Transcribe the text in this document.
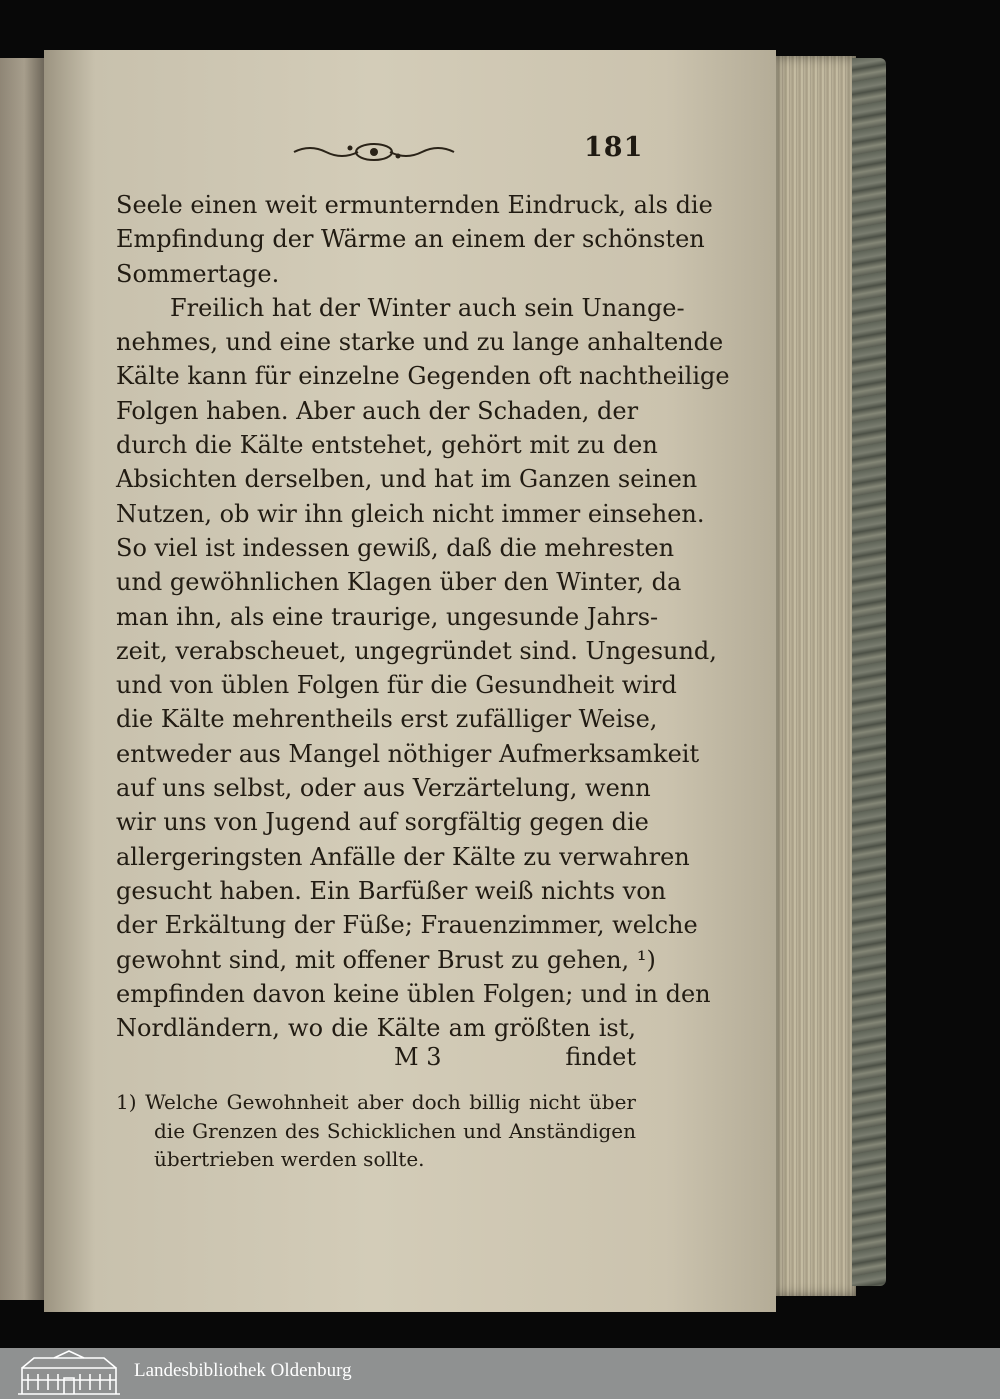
181
Seele einen weit ermunternden Eindruck, als die
Empfindung der Wärme an einem der schönsten
Sommertage.
Freilich hat der Winter auch sein Unange-
nehmes, und eine starke und zu lange anhaltende
Kälte kann für einzelne Gegenden oft nachtheilige
Folgen haben. Aber auch der Schaden, der
durch die Kälte entstehet, gehört mit zu den
Absichten derselben, und hat im Ganzen seinen
Nutzen, ob wir ihn gleich nicht immer einsehen.
So viel ist indessen gewiß, daß die mehresten
und gewöhnlichen Klagen über den Winter, da
man ihn, als eine traurige, ungesunde Jahrs-
zeit, verabscheuet, ungegründet sind. Ungesund,
und von üblen Folgen für die Gesundheit wird
die Kälte mehrentheils erst zufälliger Weise,
entweder aus Mangel nöthiger Aufmerksamkeit
auf uns selbst, oder aus Verzärtelung, wenn
wir uns von Jugend auf sorgfältig gegen die
allergeringsten Anfälle der Kälte zu verwahren
gesucht haben. Ein Barfüßer weiß nichts von
der Erkältung der Füße; Frauenzimmer, welche
gewohnt sind, mit offener Brust zu gehen, ¹)
empfinden davon keine üblen Folgen; und in den
Nordländern, wo die Kälte am größten ist,
M 3	findet
1) Welche Gewohnheit aber doch billig nicht über
die Grenzen des Schicklichen und Anständigen
übertrieben werden sollte.
Landesbibliothek Oldenburg
